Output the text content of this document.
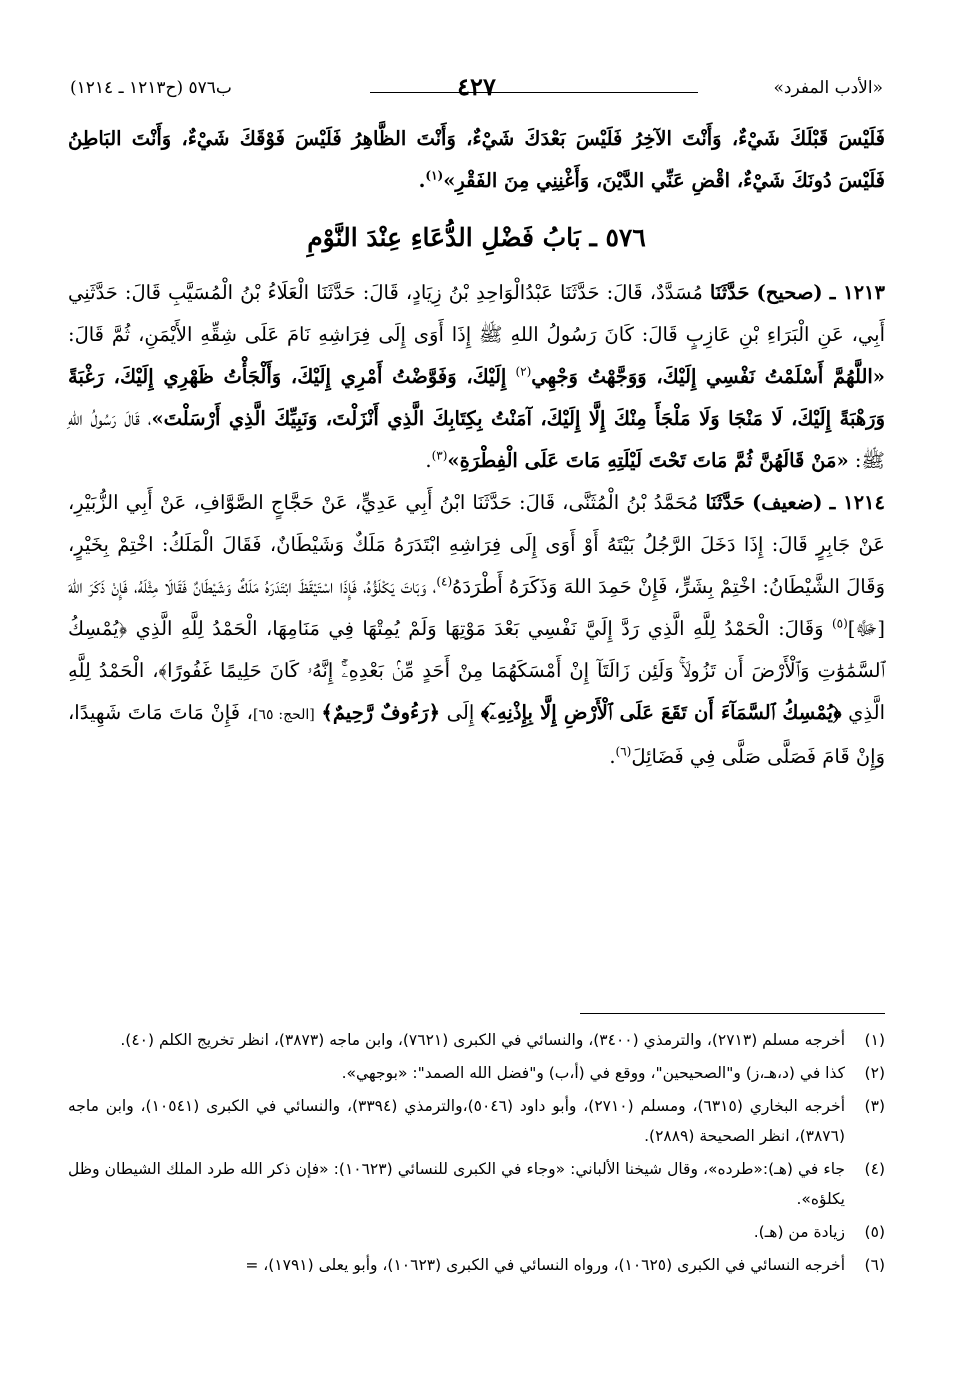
«الأدب المفرد»
٤٢٧
ب٥٧٦ (ح١٢١٣ ـ ١٢١٤)

فَلَيْسَ قَبْلَكَ شَيْءٌ، وَأَنْتَ الآخِرُ فَلَيْسَ بَعْدَكَ شَيْءٌ، وَأَنْتَ الظَّاهِرُ فَلَيْسَ فَوْقَكَ شَيْءٌ، وَأَنْتَ البَاطِنُ فَلَيْسَ دُونَكَ شَيْءٌ، اقْضِ عَنِّي الدَّيْنَ، وَأَغْنِنِي مِنَ الفَقْرِ»$^{(١)}$.

٥٧٦ ـ بَابُ فَضْلِ الدُّعَاءِ عِنْدَ النَّوْمِ

١٢١٣ ـ (صحيح) حَدَّثَنَا مُسَدَّدٌ، قَالَ: حَدَّثَنَا عَبْدُالْوَاحِدِ بْنُ زِيَادٍ، قَالَ: حَدَّثَنَا الْعَلَاءُ بْنُ الْمُسَيَّبِ قَالَ: حَدَّثَنِي أَبِي، عَنِ الْبَرَاءِ بْنِ عَازِبٍ قَالَ: كَانَ رَسُولُ اللهِ ﷺ إِذَا أَوَى إِلَى فِرَاشِهِ نَامَ عَلَى شِقِّهِ الأَيْمَنِ، ثُمَّ قَالَ: «اللَّهُمَّ أَسْلَمْتُ نَفْسِي إِلَيْكَ، وَوَجَّهْتُ وَجْهِي$^{(٢)}$ إِلَيْكَ، وَفَوَّضْتُ أَمْرِي إِلَيْكَ، وَأَلْجَأْتُ ظَهْرِي إِلَيْكَ، رَغْبَةً وَرَهْبَةً إِلَيْكَ، لَا مَنْجَا وَلَا مَلْجَأَ مِنْكَ إِلَّا إِلَيْكَ، آمَنْتُ بِكِتَابِكَ الَّذِي أَنْزَلْتَ، وَنَبِيِّكَ الَّذِي أَرْسَلْتَ»، قَالَ رَسُولُ اللهِ ﷺ: «مَنْ قَالَهُنَّ ثُمَّ مَاتَ تَحْتَ لَيْلَتِهِ مَاتَ عَلَى الْفِطْرَةِ»$^{(٣)}$.

١٢١٤ ـ (ضعيف) حَدَّثَنَا مُحَمَّدُ بْنُ الْمُثَنَّى، قَالَ: حَدَّثَنَا ابْنُ أَبِي عَدِيٍّ، عَنْ حَجَّاجٍ الصَّوَّافِ، عَنْ أَبِي الزُّبَيْرِ، عَنْ جَابِرٍ قَالَ: إِذَا دَخَلَ الرَّجُلُ بَيْتَهُ أَوْ أَوَى إِلَى فِرَاشِهِ ابْتَدَرَهُ مَلَكٌ وَشَيْطَانٌ، فَقَالَ الْمَلَكُ: اخْتِمْ بِخَيْرٍ، وَقَالَ الشَّيْطَانُ: اخْتِمْ بِشَرٍّ، فَإِنْ حَمِدَ اللهَ وَذَكَرَهُ أَطْرَدَهُ$^{(٤)}$، وَبَاتَ يَكْلَؤُهُ، فَإِذَا اسْتَيْقَظَ ابْتَدَرَهُ مَلَكٌ وَشَيْطَانٌ فَقَالَا مِثْلَهُ، فَإِنْ ذَكَرَ اللهَ [ﷻ]$^{(٥)}$ وَقَالَ: الْحَمْدُ لِلَّهِ الَّذِي رَدَّ إِلَيَّ نَفْسِي بَعْدَ مَوْتِهَا وَلَمْ يُمِتْهَا فِي مَنَامِهَا، الْحَمْدُ لِلَّهِ الَّذِي ﴿يُمْسِكُ ٱلسَّمَٰوَٰتِ وَٱلْأَرْضَ أَن تَزُولَاۚ وَلَئِن زَالَتَآ إِنْ أَمْسَكَهُمَا مِنْ أَحَدٍ مِّنۢ بَعْدِهِۦٓۚ إِنَّهُۥ كَانَ حَلِيمًا غَفُورًا﴾، الْحَمْدُ لِلَّهِ الَّذِي ﴿يُمْسِكُ ٱلسَّمَآءَ أَن تَقَعَ عَلَى ٱلْأَرْضِ إِلَّا بِإِذْنِهِۦٓ﴾ إِلَى ﴿رَءُوفٌ رَّحِيمٌ﴾ [الحج: ٦٥]، فَإِنْ مَاتَ مَاتَ شَهِيدًا، وَإِنْ قَامَ فَصَلَّى صَلَّى فِي فَضَائِلَ$^{(٦)}$.

(١)
أخرجه مسلم (٢٧١٣)، والترمذي (٣٤٠٠)، والنسائي في الكبرى (٧٦٢١)، وابن ماجه (٣٨٧٣)، انظر تخريج الكلم (٤٠).
(٢)
كذا في (د،هـ،ز) و"الصحيحين"، ووقع في (أ،ب) و"فضل الله الصمد": «بوجهي».
(٣)
أخرجه البخاري (٦٣١٥)، ومسلم (٢٧١٠)، وأبو داود (٥٠٤٦)،والترمذي (٣٣٩٤)، والنسائي في الكبرى (١٠٥٤١)، وابن ماجه (٣٨٧٦)، انظر الصحيحة (٢٨٨٩).
(٤)
جاء في (هـ):«طرده»، وقال شيخنا الألباني: «وجاء في الكبرى للنسائي (١٠٦٢٣): «فإن ذكر الله طرد الملك الشيطان وظل يكلؤه».
(٥)
زيادة من (هـ).
(٦)
أخرجه النسائي في الكبرى (١٠٦٢٥)، ورواه النسائي في الكبرى (١٠٦٢٣)، وأبو يعلى (١٧٩١)، =
